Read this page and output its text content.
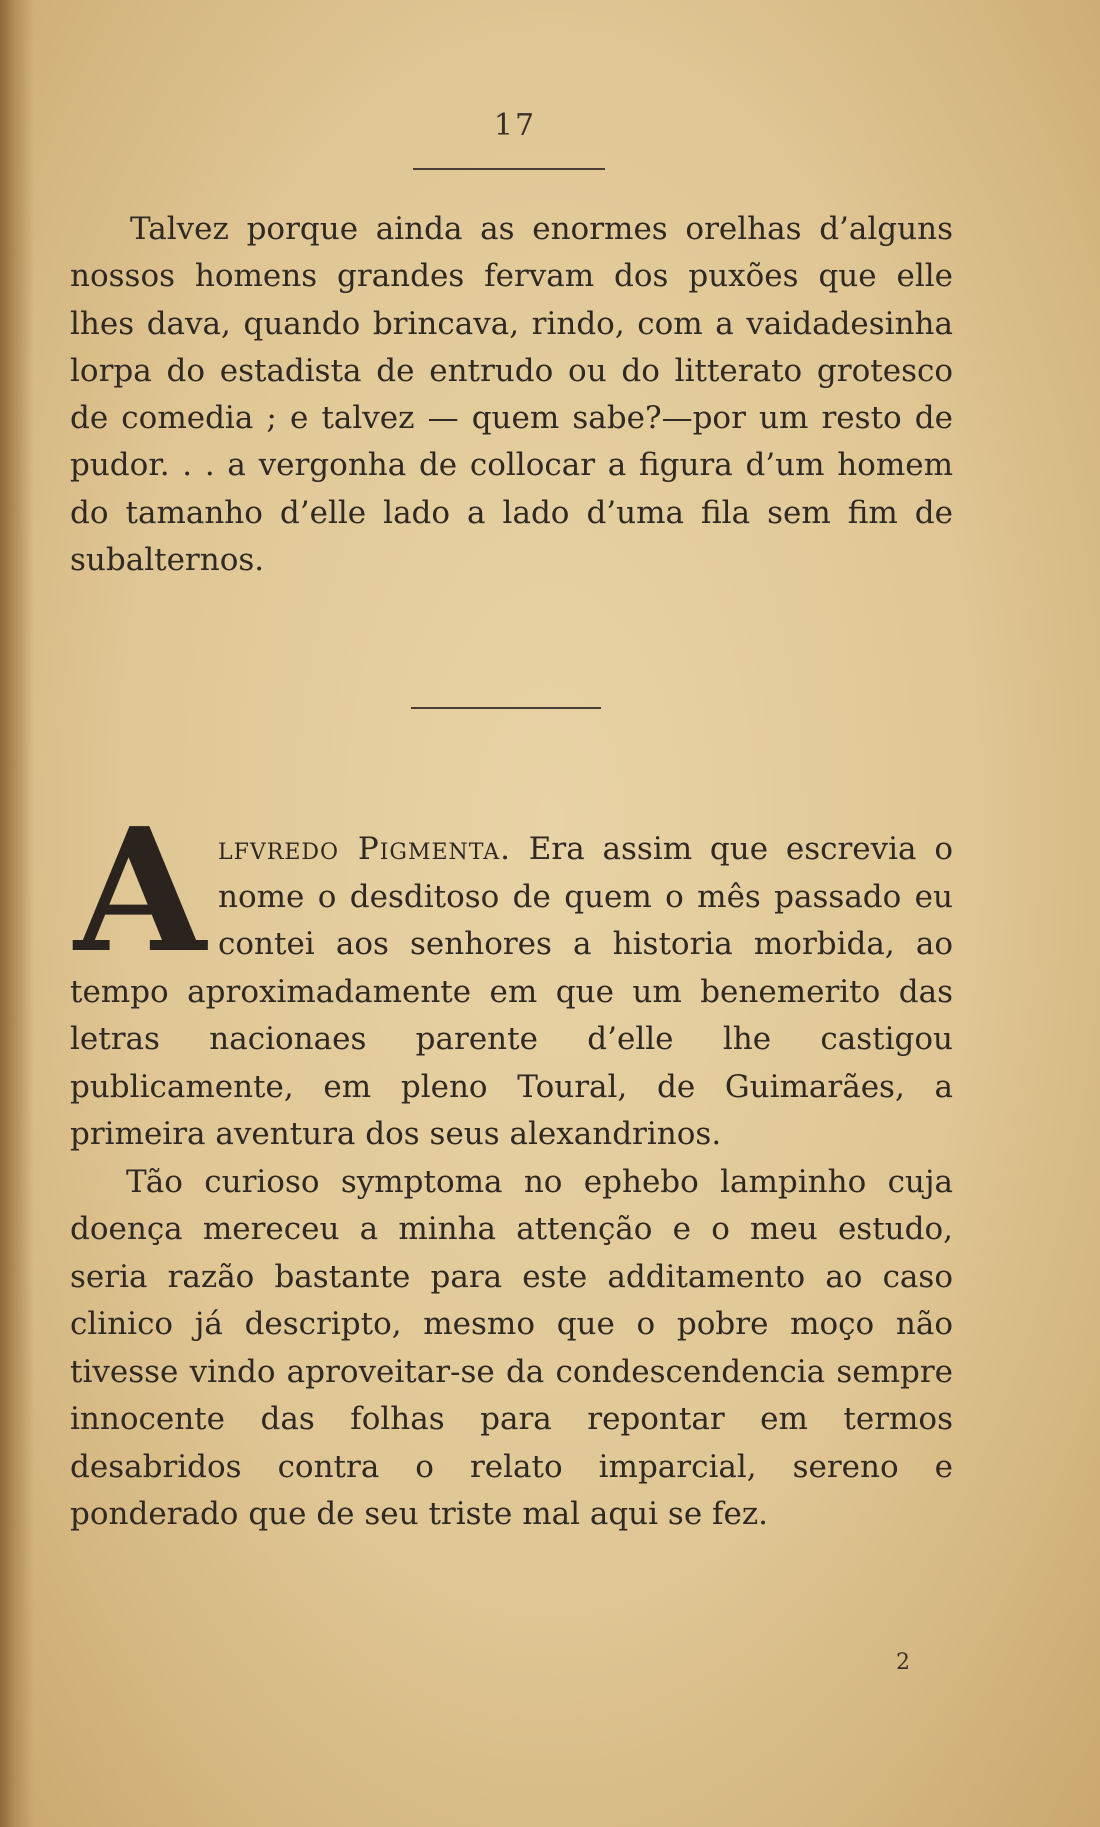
17

Talvez porque ainda as enormes orelhas d’alguns nossos homens grandes fervam dos puxões que elle lhes dava, quando brincava, rindo, com a vaidadesinha lorpa do estadista de entrudo ou do litterato grotesco de comedia ; e talvez — quem sabe?—por um resto de pudor. . . a vergonha de collocar a figura d’um homem do tamanho d’elle lado a lado d’uma fila sem fim de subalternos.

A lfvredo Pigmenta. Era assim que escrevia o nome o desditoso de quem o mês passado eu contei aos senhores a historia morbida, ao tempo aproximadamente em que um benemerito das letras nacionaes parente d’elle lhe castigou publicamente, em pleno Toural, de Guimarães, a primeira aventura dos seus alexandrinos.

Tão curioso symptoma no ephebo lampinho cuja doença mereceu a minha attenção e o meu estudo, seria razão bastante para este additamento ao caso clinico já descripto, mesmo que o pobre moço não tivesse vindo aproveitar-se da condescendencia sempre innocente das folhas para repontar em termos desabridos contra o relato imparcial, sereno e ponderado que de seu triste mal aqui se fez.

2
